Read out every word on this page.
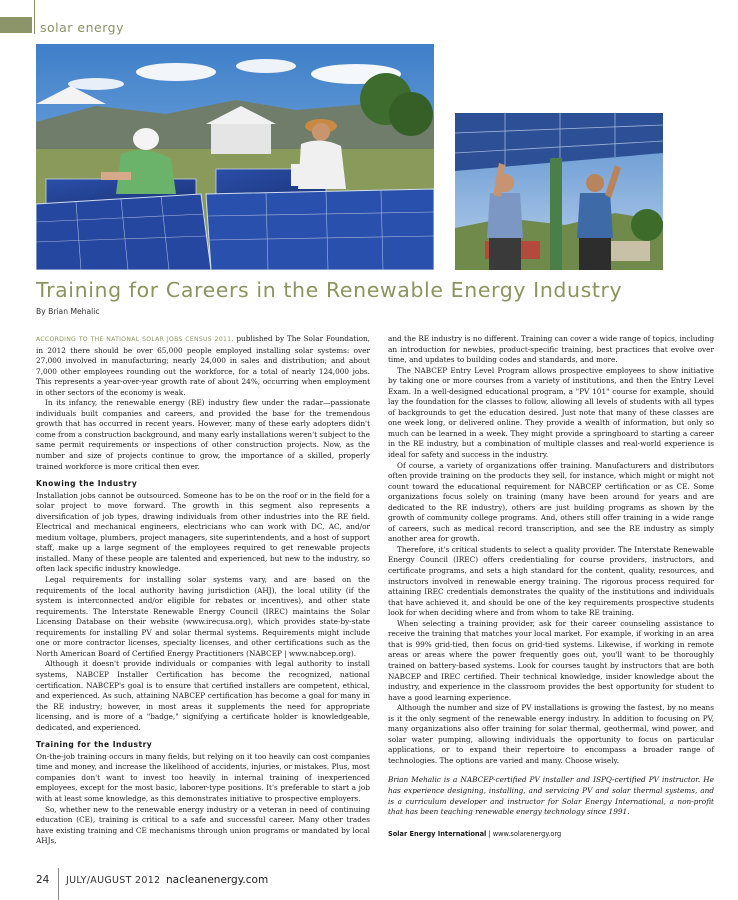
solar energy
Training for Careers in the Renewable Energy Industry
By Brian Mehalic

ACCORDING TO THE NATIONAL SOLAR JOBS CENSUS 2011, published by The Solar Foundation, in 2012 there should be over 65,000 people employed installing solar systems: over 27,000 involved in manufacturing; nearly 24,000 in sales and distribution; and about 7,000 other employees rounding out the workforce, for a total of nearly 124,000 jobs. This represents a year-over-year growth rate of about 24%, occurring when employment in other sectors of the economy is weak.

In its infancy, the renewable energy (RE) industry flew under the radar—passionate individuals built companies and careers, and provided the base for the tremendous growth that has occurred in recent years. However, many of these early adopters didn't come from a construction background, and many early installations weren't subject to the same permit requirements or inspections of other construction projects. Now, as the number and size of projects continue to grow, the importance of a skilled, properly trained workforce is more critical then ever.

Knowing the Industry

Installation jobs cannot be outsourced. Someone has to be on the roof or in the field for a solar project to move forward. The growth in this segment also represents a diversification of job types, drawing individuals from other industries into the RE field. Electrical and mechanical engineers, electricians who can work with DC, AC, and/or medium voltage, plumbers, project managers, site superintendents, and a host of support staff, make up a large segment of the employees required to get renewable projects installed. Many of these people are talented and experienced, but new to the industry, so often lack specific industry knowledge.

Legal requirements for installing solar systems vary, and are based on the requirements of the local authority having jurisdiction (AHJ), the local utility (if the system is interconnected and/or eligible for rebates or incentives), and other state requirements. The Interstate Renewable Energy Council (IREC) maintains the Solar Licensing Database on their website (www.irecusa.org), which provides state-by-state requirements for installing PV and solar thermal systems. Requirements might include one or more contractor licenses, specialty licenses, and other certifications such as the North American Board of Certified Energy Practitioners (NABCEP | www.nabcep.org).

Although it doesn't provide individuals or companies with legal authority to install systems, NABCEP Installer Certification has become the recognized, national certification. NABCEP's goal is to ensure that certified installers are competent, ethical, and experienced. As such, attaining NABCEP certification has become a goal for many in the RE industry; however, in most areas it supplements the need for appropriate licensing, and is more of a "badge," signifying a certificate holder is knowledgeable, dedicated, and experienced.

Training for the Industry

On-the-job training occurs in many fields, but relying on it too heavily can cost companies time and money, and increase the likelihood of accidents, injuries, or mistakes. Plus, most companies don't want to invest too heavily in internal training of inexperienced employees, except for the most basic, laborer-type positions. It's preferable to start a job with at least some knowledge, as this demonstrates initiative to prospective employers.

So, whether new to the renewable energy industry or a veteran in need of continuing education (CE), training is critical to a safe and successful career. Many other trades have existing training and CE mechanisms through union programs or mandated by local AHJs,

and the RE industry is no different. Training can cover a wide range of topics, including an introduction for newbies, product-specific training, best practices that evolve over time, and updates to building codes and standards, and more.

The NABCEP Entry Level Program allows prospective employees to show initiative by taking one or more courses from a variety of institutions, and then the Entry Level Exam. In a well-designed educational program, a "PV 101" course for example, should lay the foundation for the classes to follow, allowing all levels of students with all types of backgrounds to get the education desired. Just note that many of these classes are one week long, or delivered online. They provide a wealth of information, but only so much can be learned in a week. They might provide a springboard to starting a career in the RE industry, but a combination of multiple classes and real-world experience is ideal for safety and success in the industry.

Of course, a variety of organizations offer training. Manufacturers and distributors often provide training on the products they sell, for instance, which might or might not count toward the educational requirement for NABCEP certification or as CE. Some organizations focus solely on training (many have been around for years and are dedicated to the RE industry), others are just building programs as shown by the growth of community college programs. And, others still offer training in a wide range of careers, such as medical record transcription, and see the RE industry as simply another area for growth.

Therefore, it's critical students to select a quality provider. The Interstate Renewable Energy Council (IREC) offers credentialing for course providers, instructors, and certificate programs, and sets a high standard for the content, quality, resources, and instructors involved in renewable energy training. The rigorous process required for attaining IREC credentials demonstrates the quality of the institutions and individuals that have achieved it, and should be one of the key requirements prospective students look for when deciding where and from whom to take RE training.

When selecting a training provider, ask for their career counseling assistance to receive the training that matches your local market. For example, if working in an area that is 99% grid-tied, then focus on grid-tied systems. Likewise, if working in remote areas or areas where the power frequently goes out, you'll want to be thoroughly trained on battery-based systems. Look for courses taught by instructors that are both NABCEP and IREC certified. Their technical knowledge, insider knowledge about the industry, and experience in the classroom provides the best opportunity for student to have a good learning experience.

Although the number and size of PV installations is growing the fastest, by no means is it the only segment of the renewable energy industry. In addition to focusing on PV, many organizations also offer training for solar thermal, geothermal, wind power, and solar water pumping, allowing individuals the opportunity to focus on particular applications, or to expand their repertoire to encompass a broader range of technologies. The options are varied and many. Choose wisely.

Brian Mehalic is a NABCEP-certified PV installer and ISPQ-certified PV instructor. He has experience designing, installing, and servicing PV and solar thermal systems, and is a curriculum developer and instructor for Solar Energy International, a non-profit that has been teaching renewable energy technology since 1991.

Solar Energy International | www.solarenergy.org
24 JULY/AUGUST 2012 nacleanenergy.com
